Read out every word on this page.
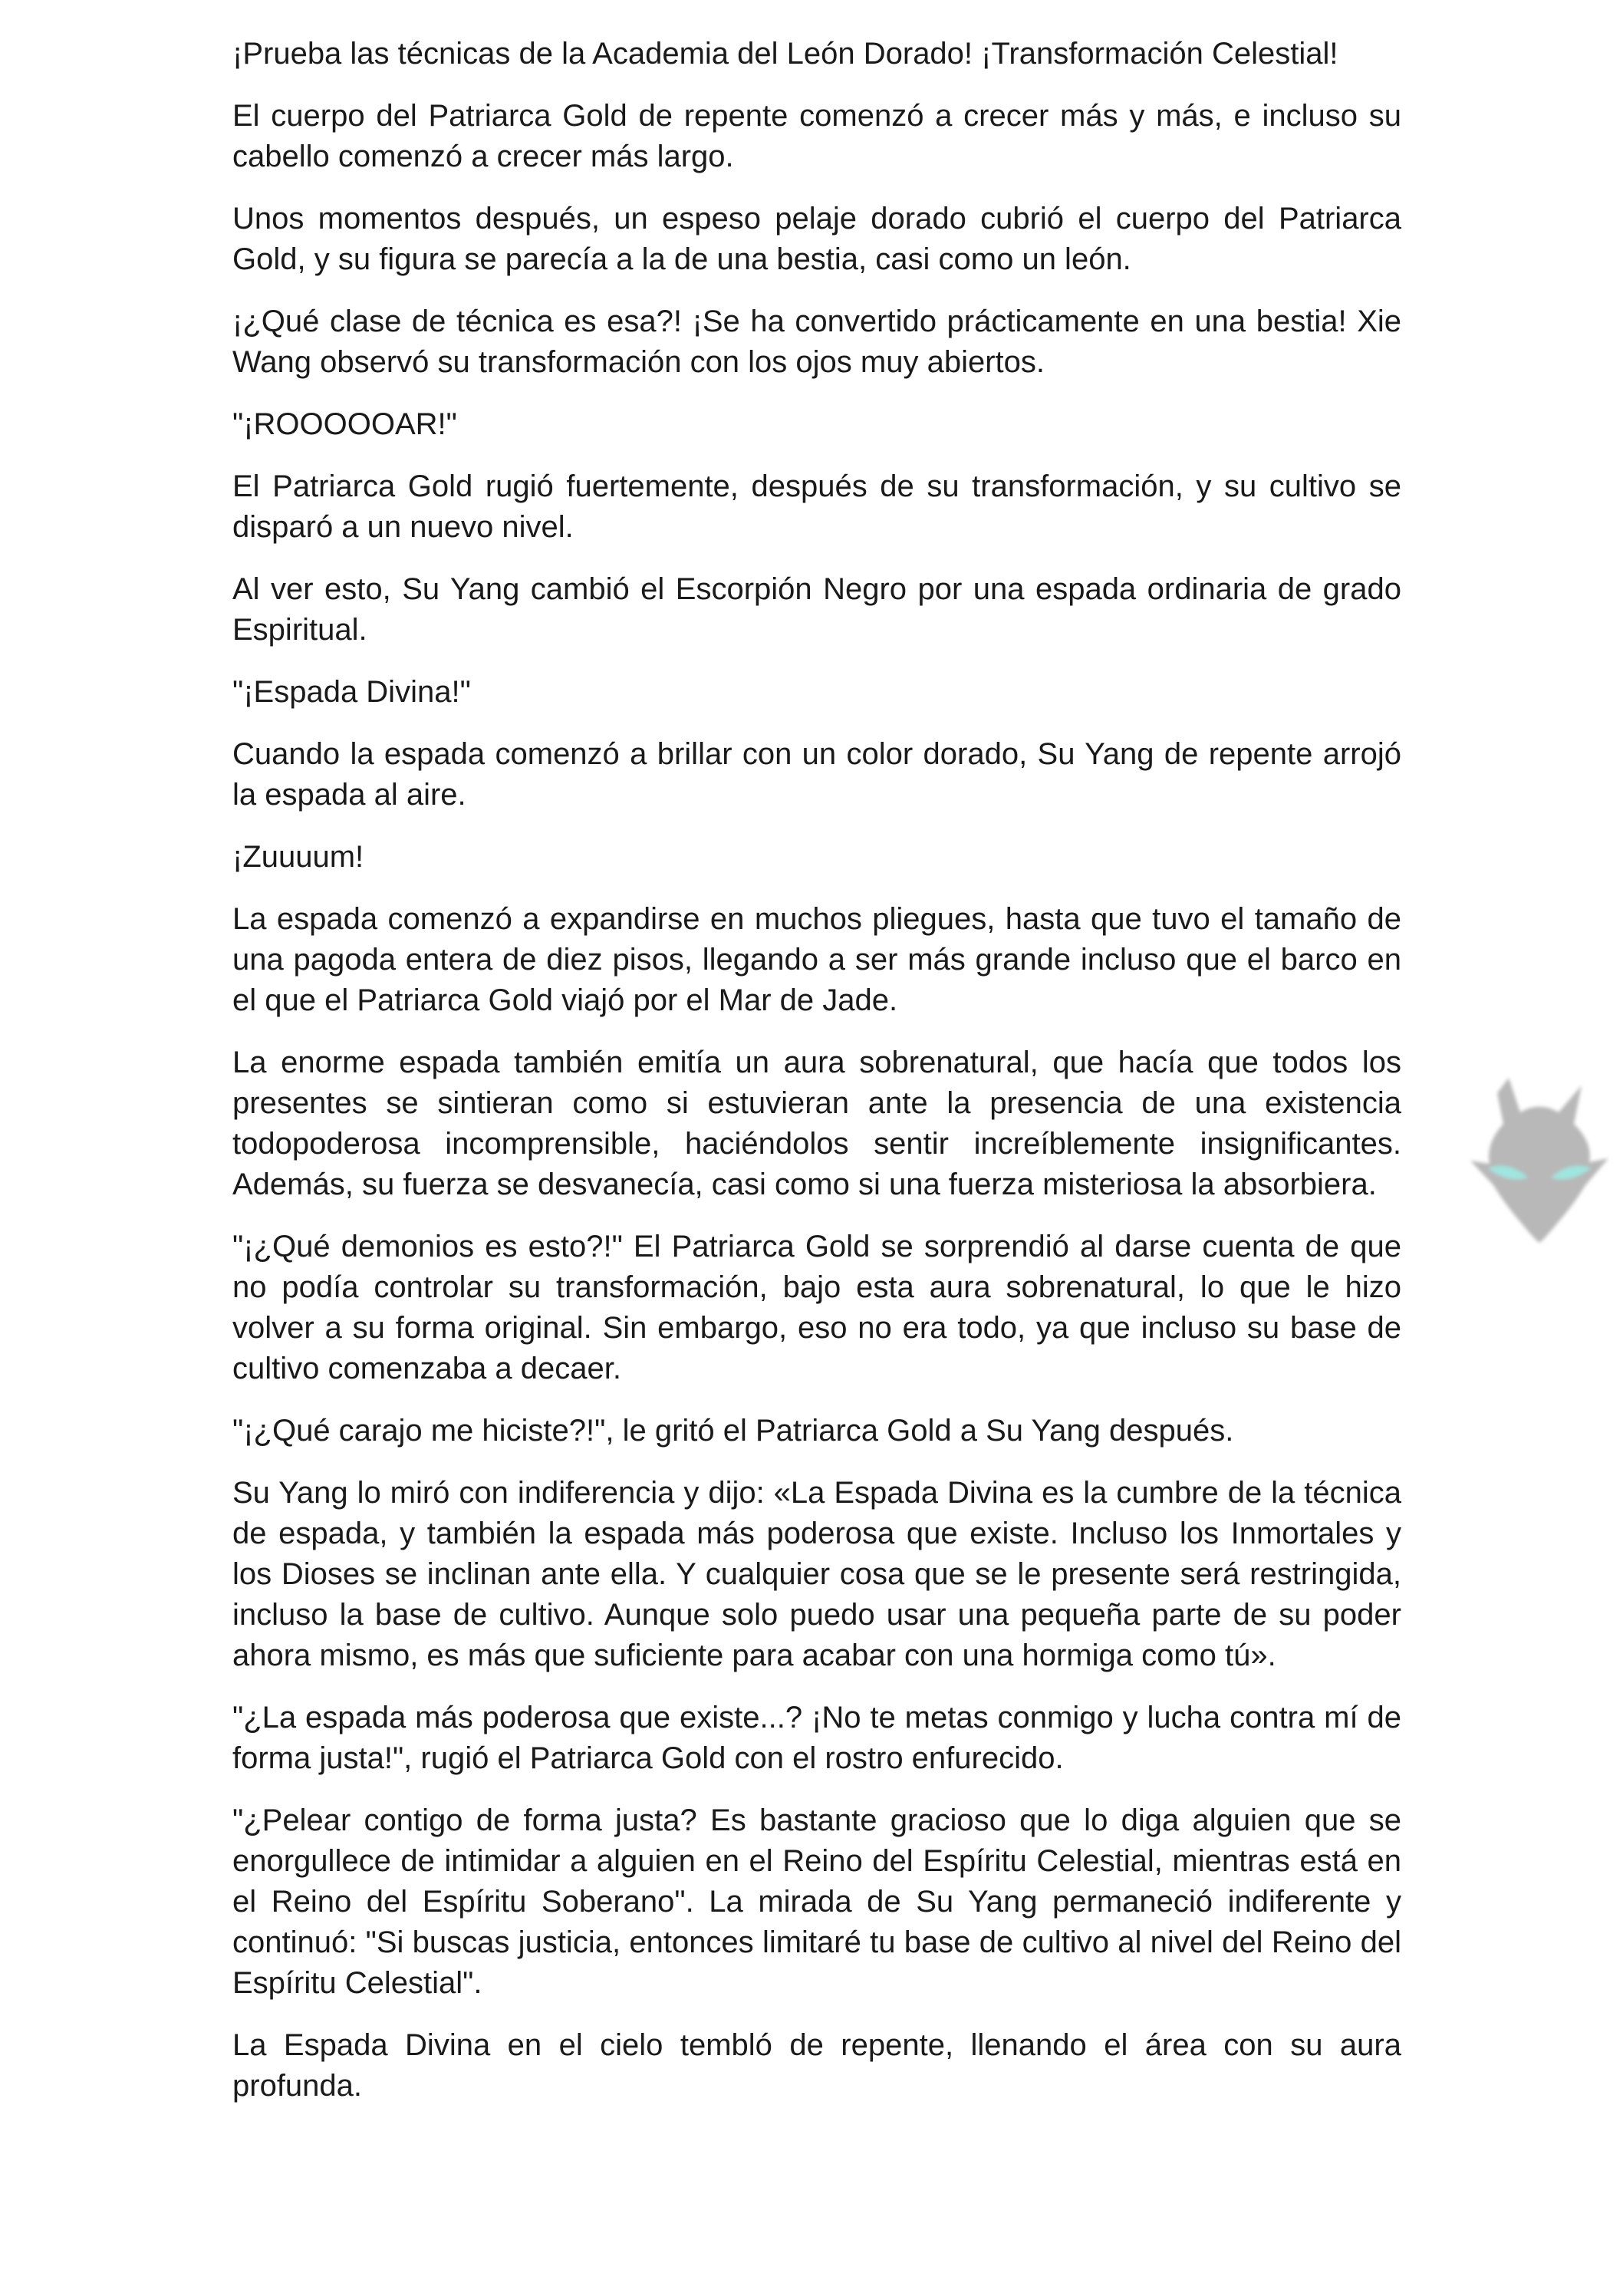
¡Prueba las técnicas de la Academia del León Dorado! ¡Transformación Celestial!

El cuerpo del Patriarca Gold de repente comenzó a crecer más y más, e incluso su cabello comenzó a crecer más largo.

Unos momentos después, un espeso pelaje dorado cubrió el cuerpo del Patriarca Gold, y su figura se parecía a la de una bestia, casi como un león.

¡¿Qué clase de técnica es esa?! ¡Se ha convertido prácticamente en una bestia! Xie Wang observó su transformación con los ojos muy abiertos.

"¡ROOOOOAR!"

El Patriarca Gold rugió fuertemente, después de su transformación, y su cultivo se disparó a un nuevo nivel.

Al ver esto, Su Yang cambió el Escorpión Negro por una espada ordinaria de grado Espiritual.

"¡Espada Divina!"

Cuando la espada comenzó a brillar con un color dorado, Su Yang de repente arrojó la espada al aire.

¡Zuuuum!

La espada comenzó a expandirse en muchos pliegues, hasta que tuvo el tamaño de una pagoda entera de diez pisos, llegando a ser más grande incluso que el barco en el que el Patriarca Gold viajó por el Mar de Jade.

La enorme espada también emitía un aura sobrenatural, que hacía que todos los presentes se sintieran como si estuvieran ante la presencia de una existencia todopoderosa incomprensible, haciéndolos sentir increíblemente insignificantes. Además, su fuerza se desvanecía, casi como si una fuerza misteriosa la absorbiera.

"¡¿Qué demonios es esto?!" El Patriarca Gold se sorprendió al darse cuenta de que no podía controlar su transformación, bajo esta aura sobrenatural, lo que le hizo volver a su forma original. Sin embargo, eso no era todo, ya que incluso su base de cultivo comenzaba a decaer.

"¡¿Qué carajo me hiciste?!", le gritó el Patriarca Gold a Su Yang después.

Su Yang lo miró con indiferencia y dijo: «La Espada Divina es la cumbre de la técnica de espada, y también la espada más poderosa que existe. Incluso los Inmortales y los Dioses se inclinan ante ella. Y cualquier cosa que se le presente será restringida, incluso la base de cultivo. Aunque solo puedo usar una pequeña parte de su poder ahora mismo, es más que suficiente para acabar con una hormiga como tú».

"¿La espada más poderosa que existe...? ¡No te metas conmigo y lucha contra mí de forma justa!", rugió el Patriarca Gold con el rostro enfurecido.

"¿Pelear contigo de forma justa? Es bastante gracioso que lo diga alguien que se enorgullece de intimidar a alguien en el Reino del Espíritu Celestial, mientras está en el Reino del Espíritu Soberano". La mirada de Su Yang permaneció indiferente y continuó: "Si buscas justicia, entonces limitaré tu base de cultivo al nivel del Reino del Espíritu Celestial".

La Espada Divina en el cielo tembló de repente, llenando el área con su aura profunda.
